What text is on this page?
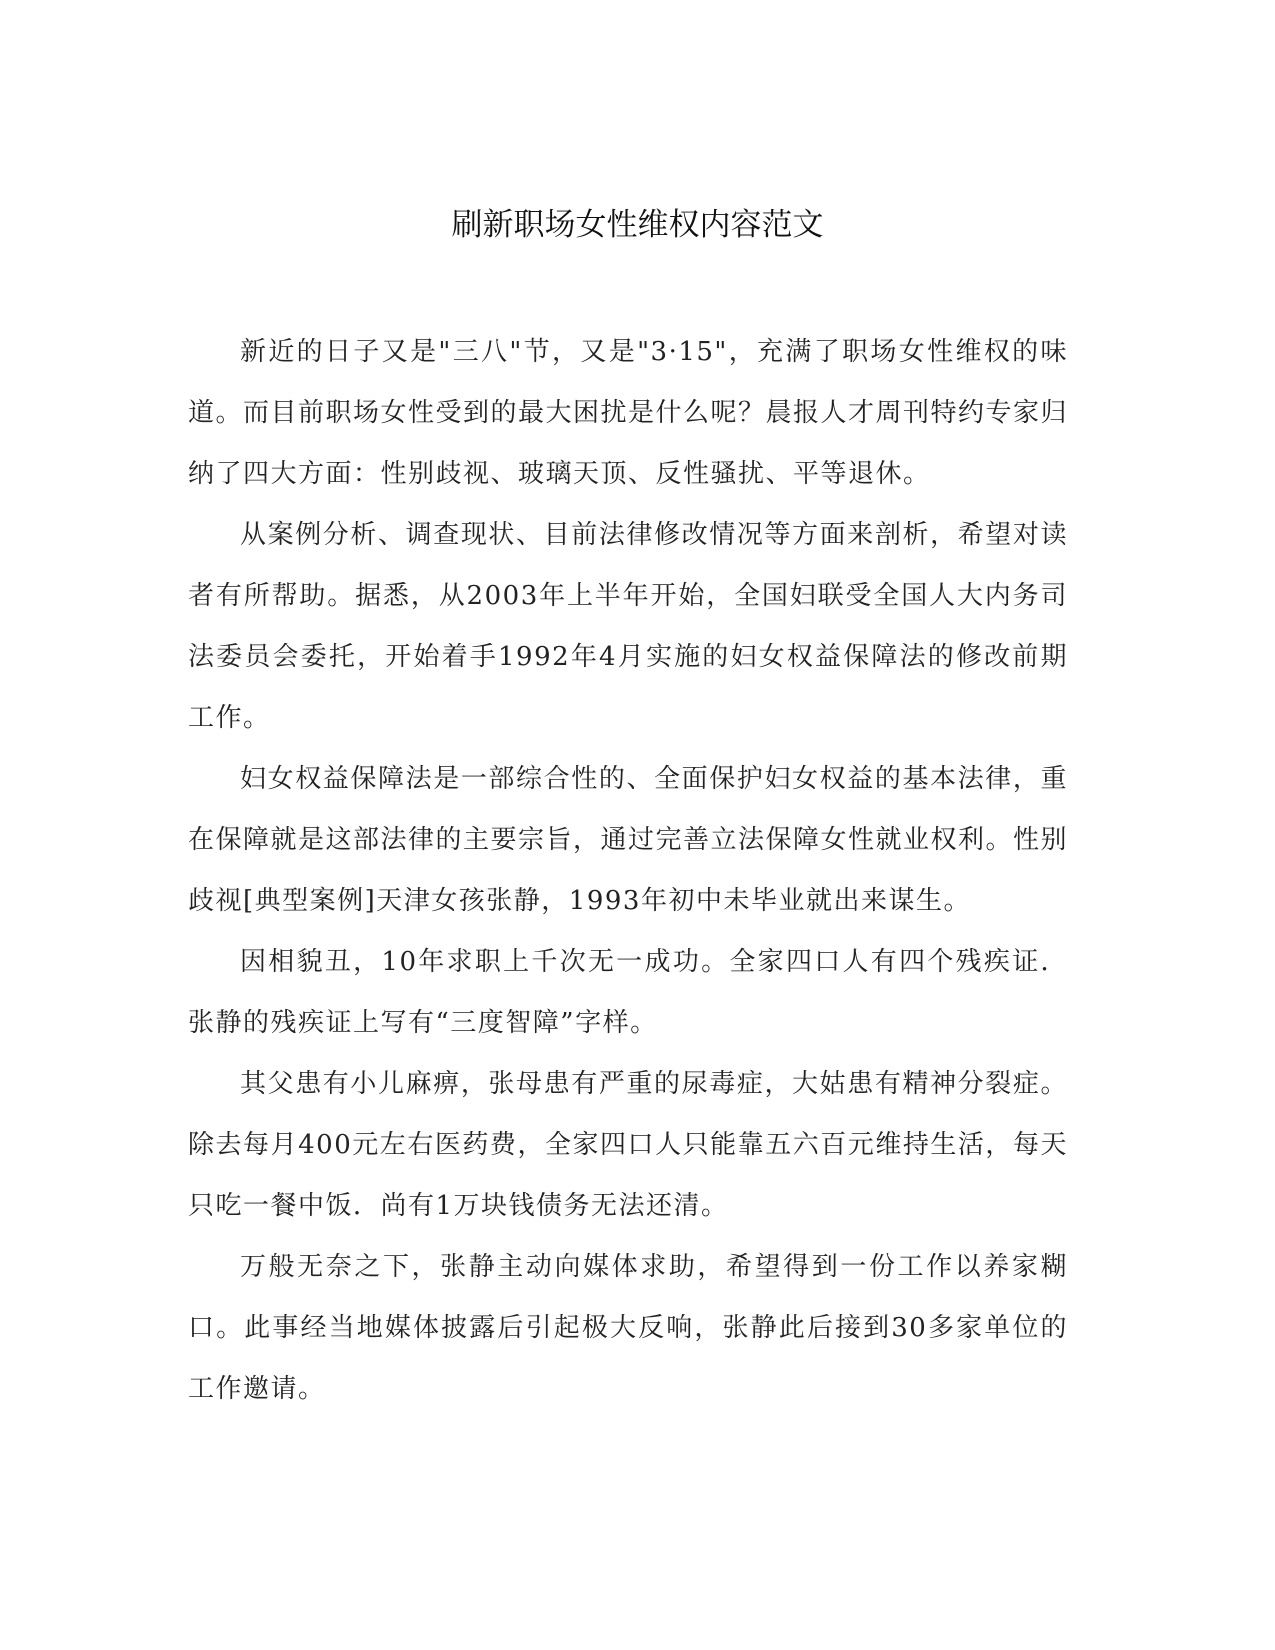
刷新职场女性维权内容范文

新近的日子又是"三八"节，又是"3·15"，充满了职场女性维权的味道。而目前职场女性受到的最大困扰是什么呢？晨报人才周刊特约专家归纳了四大方面：性别歧视、玻璃天顶、反性骚扰、平等退休。

从案例分析、调查现状、目前法律修改情况等方面来剖析，希望对读者有所帮助。据悉，从2003年上半年开始，全国妇联受全国人大内务司法委员会委托，开始着手1992年4月实施的妇女权益保障法的修改前期工作。

妇女权益保障法是一部综合性的、全面保护妇女权益的基本法律，重在保障就是这部法律的主要宗旨，通过完善立法保障女性就业权利。性别歧视[典型案例]天津女孩张静，1993年初中未毕业就出来谋生。

因相貌丑，10年求职上千次无一成功。全家四口人有四个残疾证．张静的残疾证上写有“三度智障”字样。

其父患有小儿麻痹，张母患有严重的尿毒症，大姑患有精神分裂症。除去每月400元左右医药费，全家四口人只能靠五六百元维持生活，每天只吃一餐中饭．尚有1万块钱债务无法还清。

万般无奈之下，张静主动向媒体求助，希望得到一份工作以养家糊口。此事经当地媒体披露后引起极大反响，张静此后接到30多家单位的工作邀请。
